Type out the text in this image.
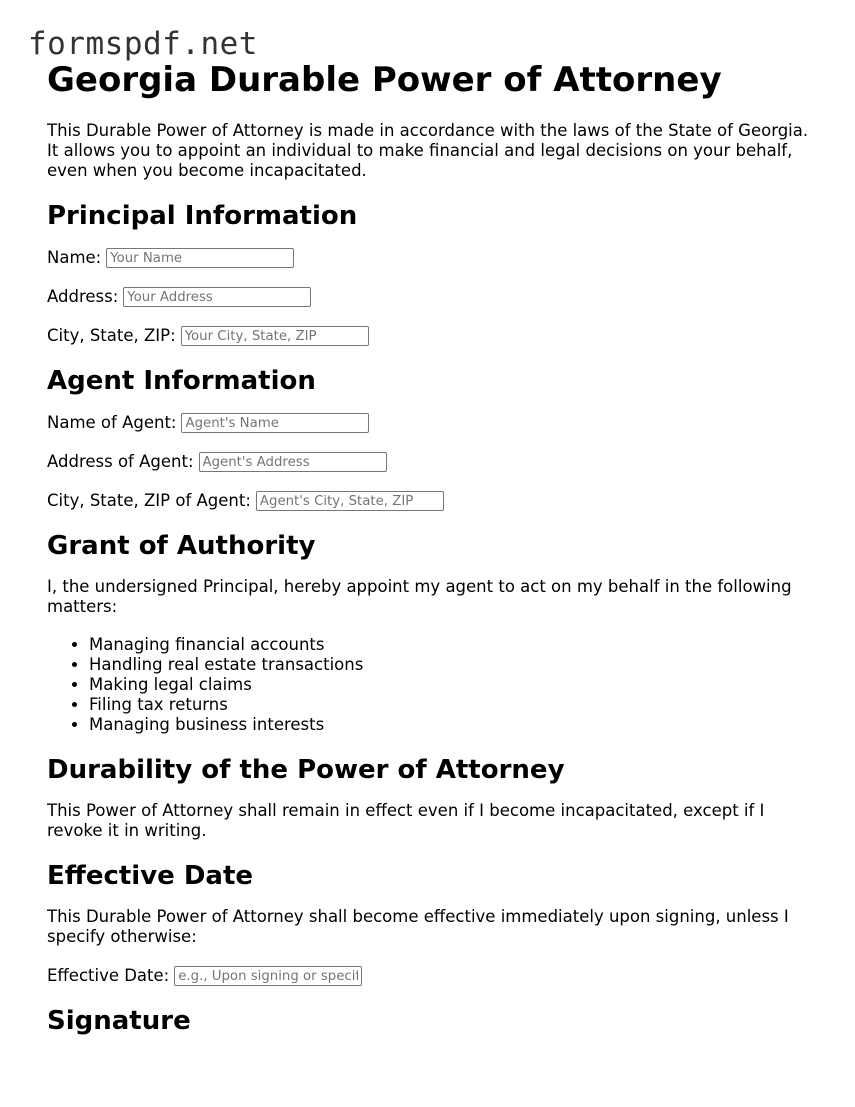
formspdf.net
Georgia Durable Power of Attorney

This Durable Power of Attorney is made in accordance with the laws of the State of Georgia. It allows you to appoint an individual to make financial and legal decisions on your behalf, even when you become incapacitated.

Principal Information
Name:
Your Name
Address:
Your Address
City, State, ZIP:
Your City, State, ZIP
Agent Information
Name of Agent:
Agent's Name
Address of Agent:
Agent's Address
City, State, ZIP of Agent:
Agent's City, State, ZIP
Grant of Authority

I, the undersigned Principal, hereby appoint my agent to act on my behalf in the following matters:

• Managing financial accounts
• Handling real estate transactions
• Making legal claims
• Filing tax returns
• Managing business interests
Durability of the Power of Attorney

This Power of Attorney shall remain in effect even if I become incapacitated, except if I revoke it in writing.

Effective Date

This Durable Power of Attorney shall become effective immediately upon signing, unless I specify otherwise:

Effective Date:
e.g., Upon signing or specific date
Signature
